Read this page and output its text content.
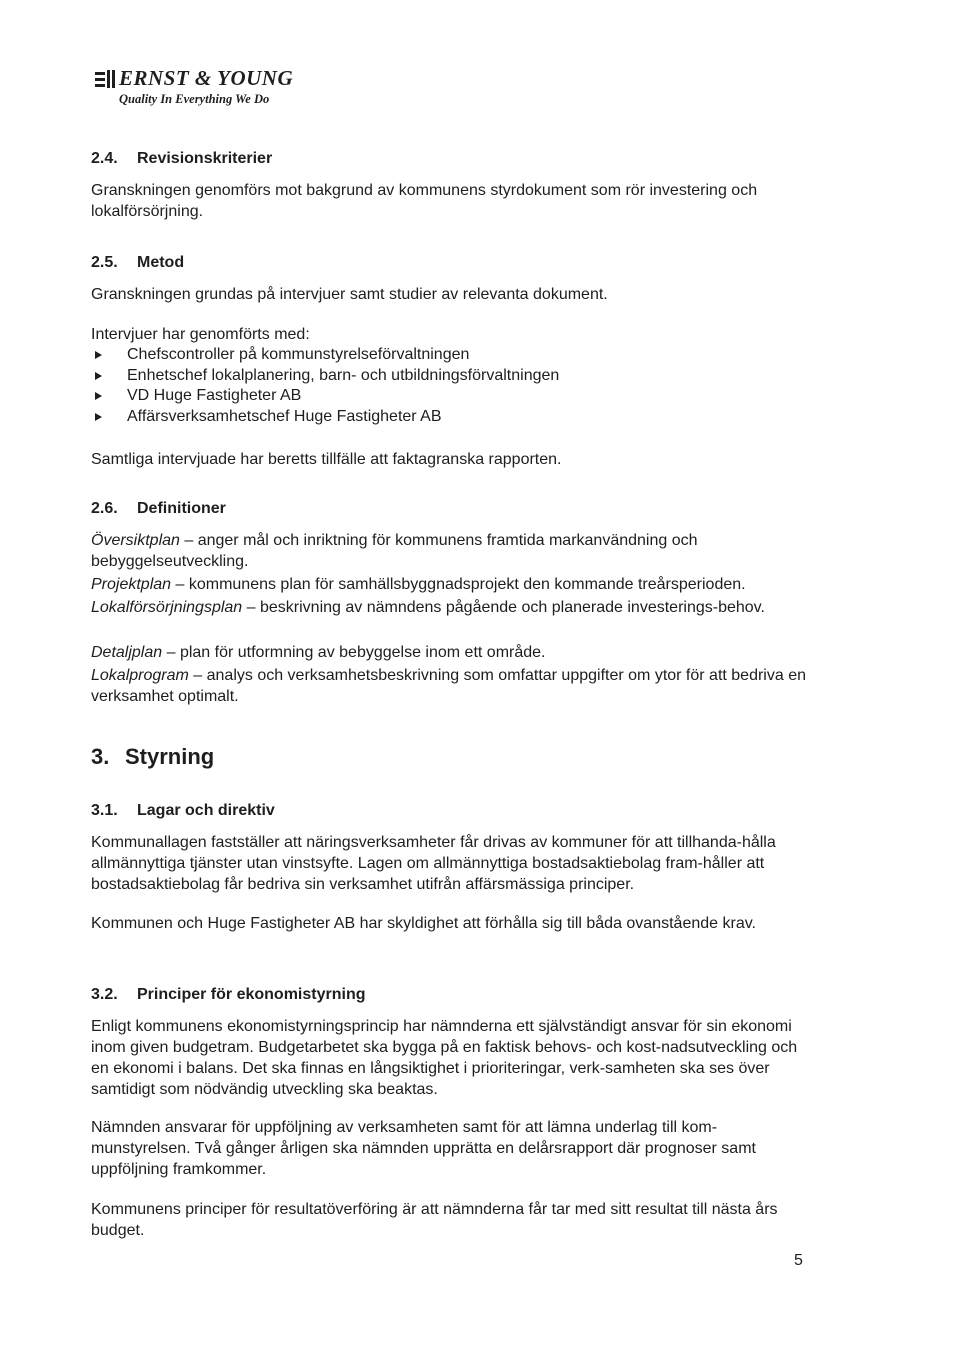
ERNST & YOUNG
Quality In Everything We Do
2.4. Revisionskriterier
Granskningen genomförs mot bakgrund av kommunens styrdokument som rör investering och lokalförsörjning.
2.5. Metod
Granskningen grundas på intervjuer samt studier av relevanta dokument.
Intervjuer har genomförts med:
Chefscontroller på kommunstyrelseförvaltningen
Enhetschef lokalplanering, barn- och utbildningsförvaltningen
VD Huge Fastigheter AB
Affärsverksamhetschef Huge Fastigheter AB
Samtliga intervjuade har beretts tillfälle att faktagranska rapporten.
2.6. Definitioner
Översiktplan – anger mål och inriktning för kommunens framtida markanvändning och bebyggelseutveckling.
Projektplan – kommunens plan för samhällsbyggnadsprojekt den kommande treårsperioden.
Lokalförsörjningsplan – beskrivning av nämndens pågående och planerade investerings-behov.
Detaljplan – plan för utformning av bebyggelse inom ett område.
Lokalprogram – analys och verksamhetsbeskrivning som omfattar uppgifter om ytor för att bedriva en verksamhet optimalt.
3. Styrning
3.1. Lagar och direktiv
Kommunallagen fastställer att näringsverksamheter får drivas av kommuner för att tillhanda-hålla allmännyttiga tjänster utan vinstsyfte. Lagen om allmännyttiga bostadsaktiebolag fram-håller att bostadsaktiebolag får bedriva sin verksamhet utifrån affärsmässiga principer.
Kommunen och Huge Fastigheter AB har skyldighet att förhålla sig till båda ovanstående krav.
3.2. Principer för ekonomistyrning
Enligt kommunens ekonomistyrningsprincip har nämnderna ett självständigt ansvar för sin ekonomi inom given budgetram. Budgetarbetet ska bygga på en faktisk behovs- och kost-nadsutveckling och en ekonomi i balans. Det ska finnas en långsiktighet i prioriteringar, verk-samheten ska ses över samtidigt som nödvändig utveckling ska beaktas.
Nämnden ansvarar för uppföljning av verksamheten samt för att lämna underlag till kom-munstyrelsen. Två gånger årligen ska nämnden upprätta en delårsrapport där prognoser samt uppföljning framkommer.
Kommunens principer för resultatöverföring är att nämnderna får tar med sitt resultat till nästa års budget.
5
